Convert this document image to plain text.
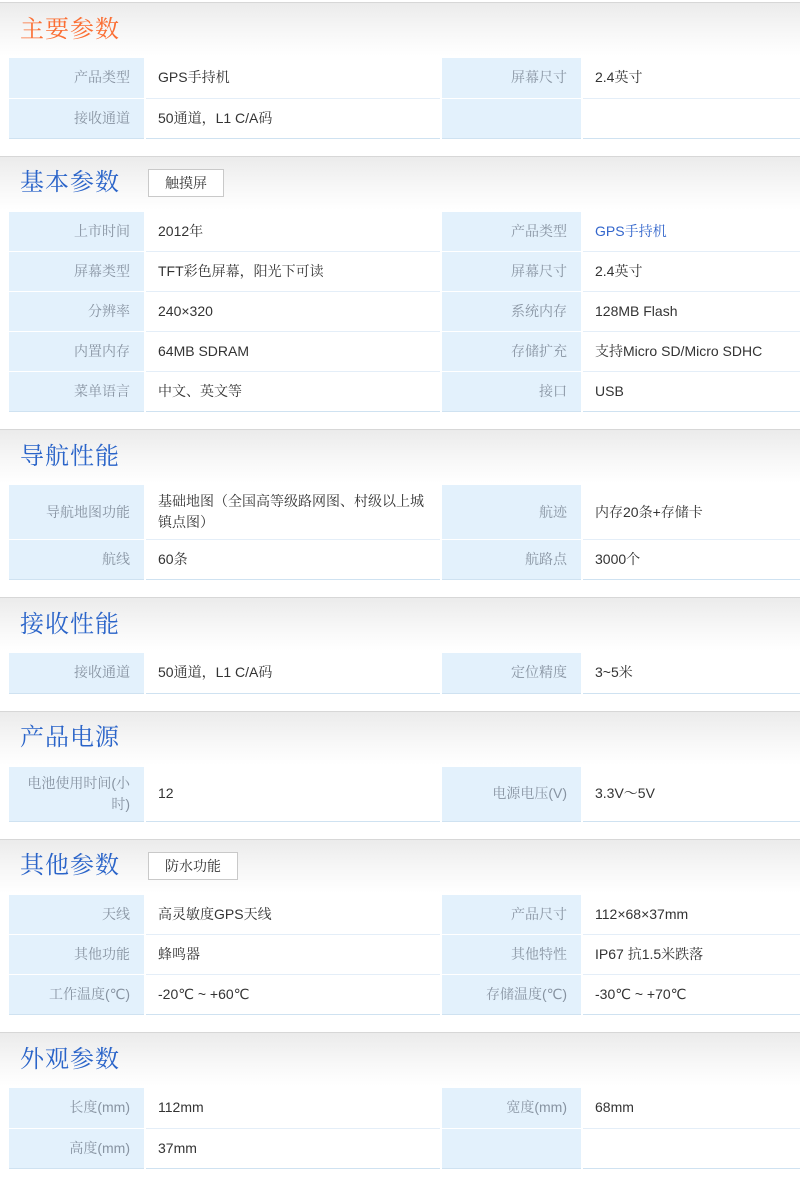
主要参数
产品类型	GPS手持机	屏幕尺寸	2.4英寸
接收通道	50通道，L1 C/A码		
基本参数	触摸屏
上市时间	2012年	产品类型	GPS手持机
屏幕类型	TFT彩色屏幕，阳光下可读	屏幕尺寸	2.4英寸
分辨率	240×320	系统内存	128MB Flash
内置内存	64MB SDRAM	存储扩充	支持Micro SD/Micro SDHC
菜单语言	中文、英文等	接口	USB
导航性能
导航地图功能	基础地图（全国高等级路网图、村级以上城镇点图）	航迹	内存20条+存储卡
航线	60条	航路点	3000个
接收性能
接收通道	50通道，L1 C/A码	定位精度	3~5米
产品电源
电池使用时间(小时)	12	电源电压(V)	3.3V～5V
其他参数	防水功能
天线	高灵敏度GPS天线	产品尺寸	112×68×37mm
其他功能	蜂鸣器	其他特性	IP67 抗1.5米跌落
工作温度(℃)	-20℃ ~ +60℃	存储温度(℃)	-30℃ ~ +70℃
外观参数
长度(mm)	112mm	宽度(mm)	68mm
高度(mm)	37mm		
